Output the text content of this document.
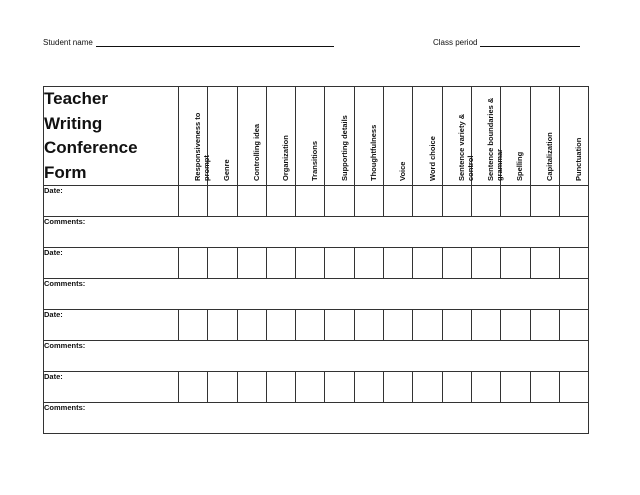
Student name	Class period
Teacher
Writing
Conference
Form	Responsiveness to prompt	Genre	Controlling idea	Organization	Transitions	Supporting details	Thoughtfulness	Voice	Word choice	Sentence variety & control	Sentence boundaries & grammar	Spelling	Capitalization	Punctuation

Date:														
Comments:														
Date:														
Comments:														
Date:														
Comments:														
Date:														
Comments:														
